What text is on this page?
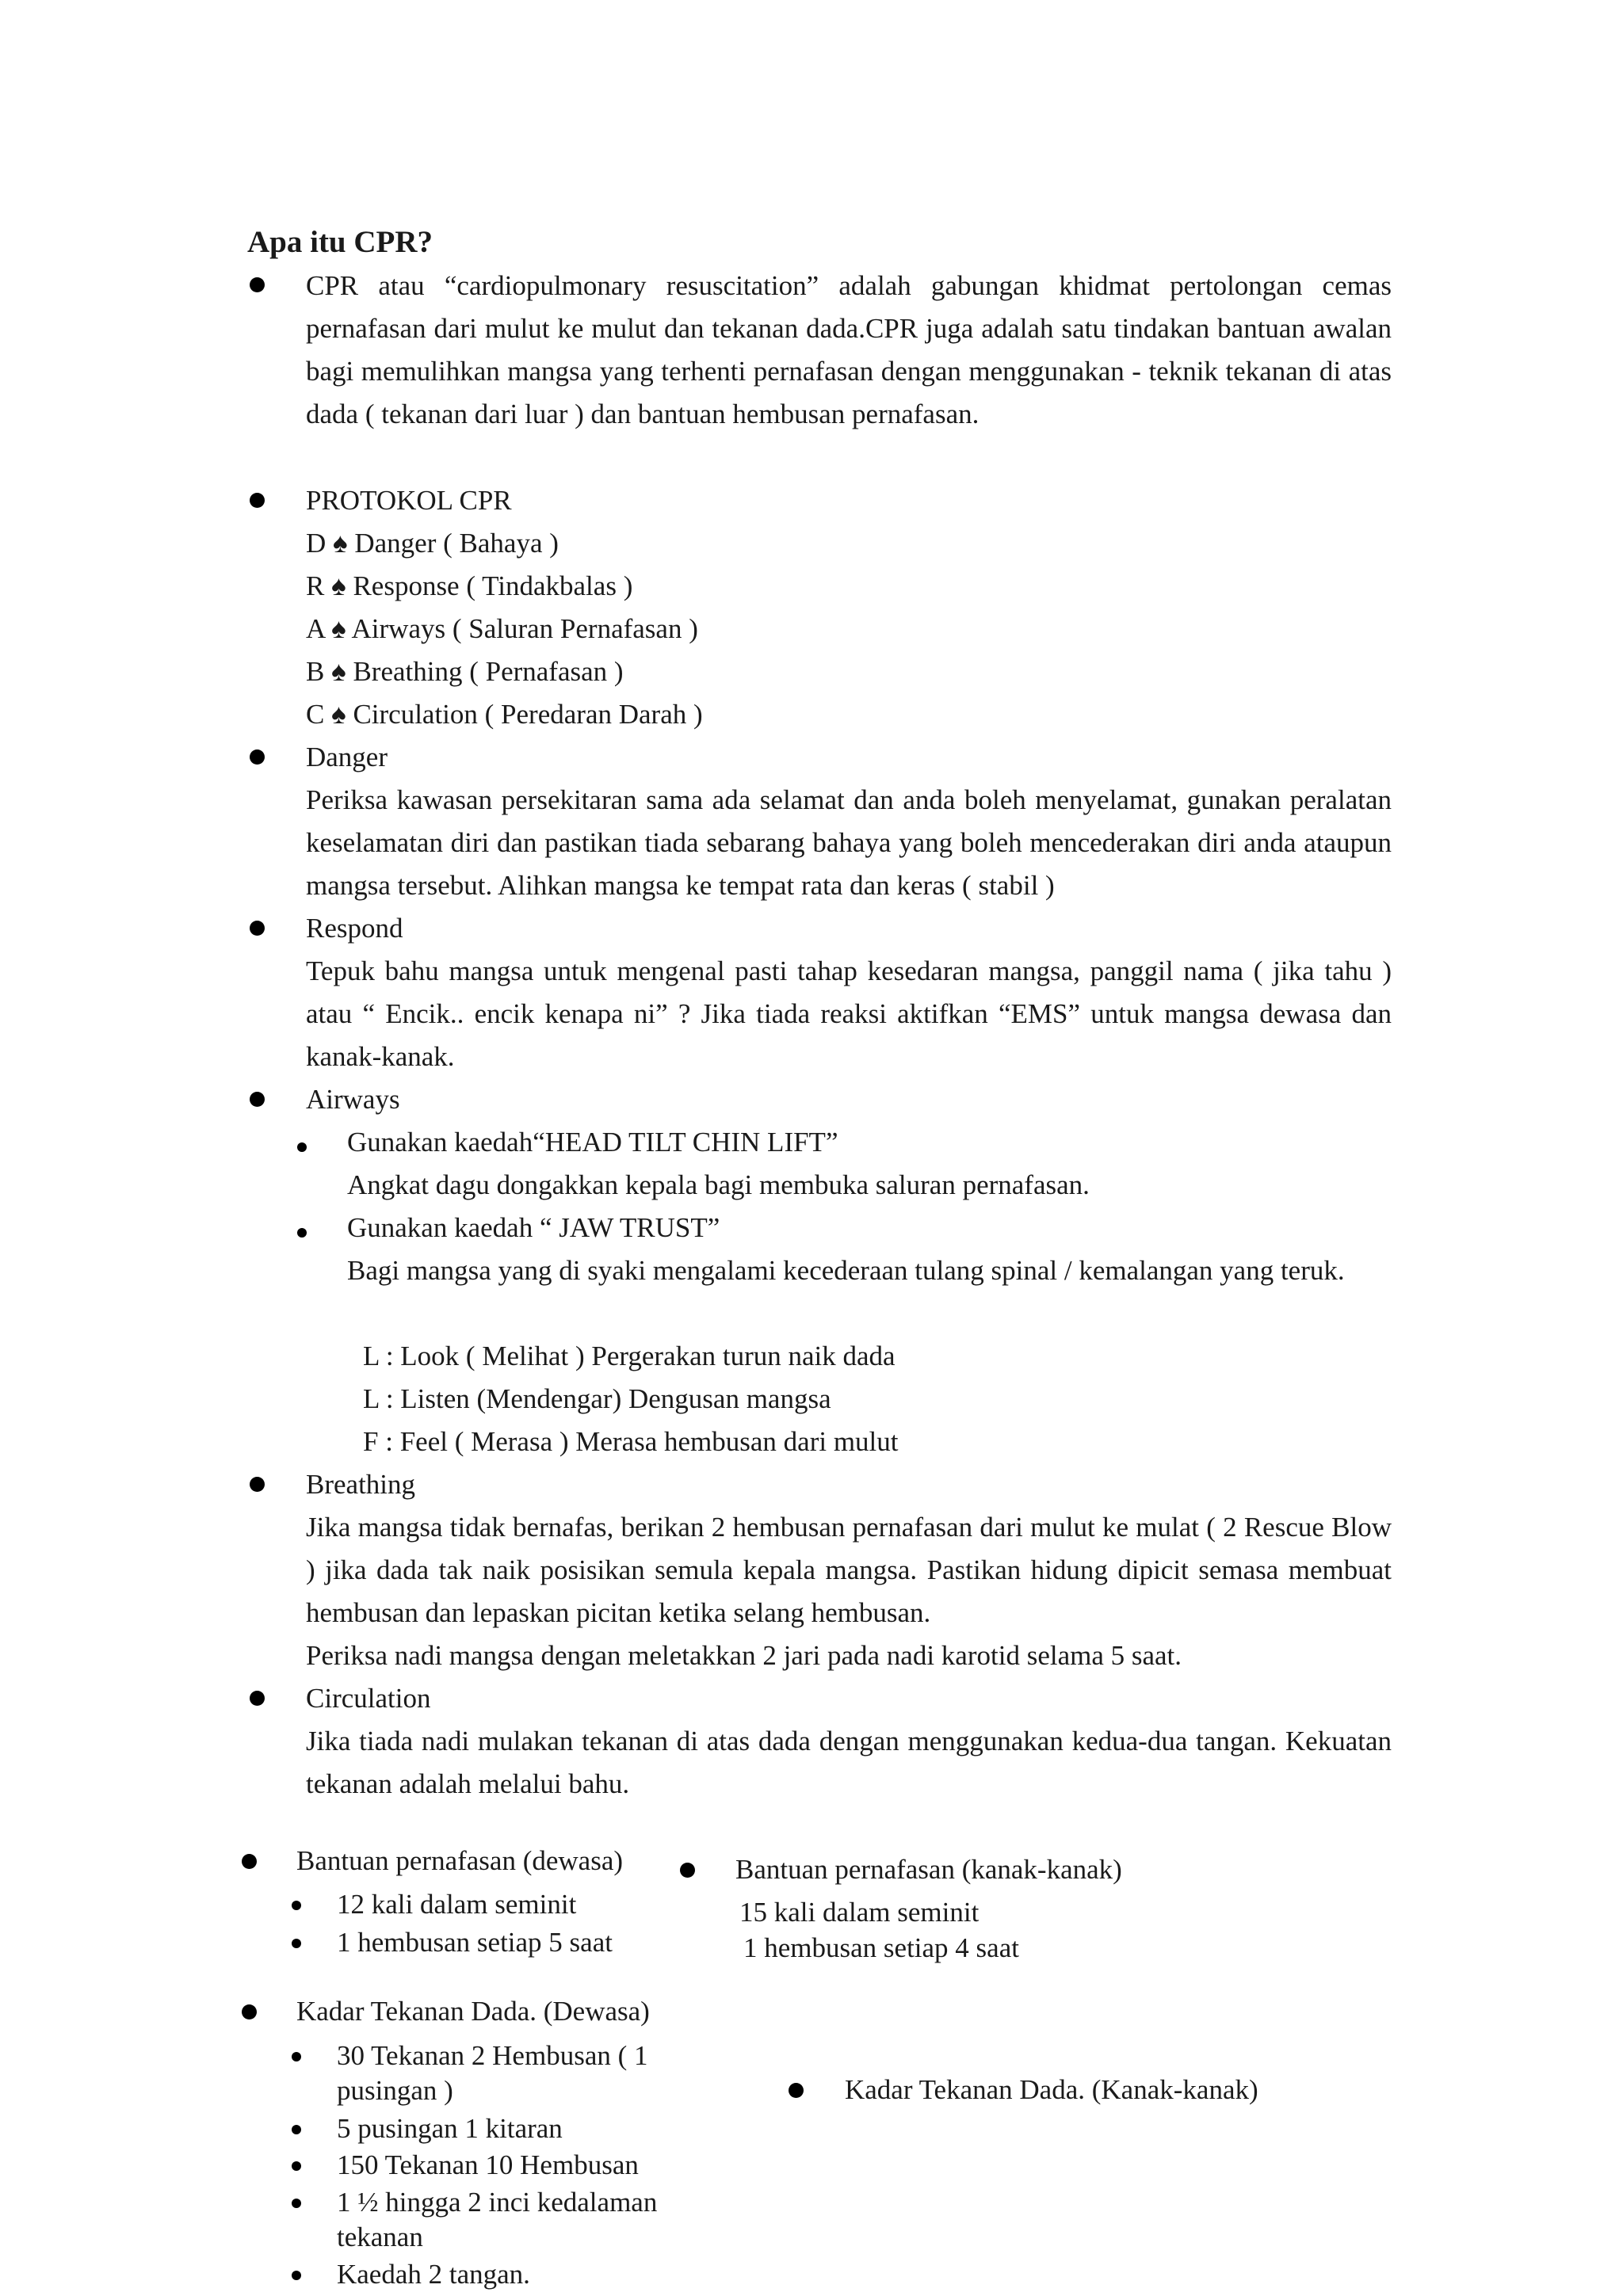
Apa itu CPR?
CPR atau “cardiopulmonary resuscitation” adalah gabungan khidmat pertolongan cemas pernafasan dari mulut ke mulut dan tekanan dada.CPR juga adalah satu tindakan bantuan awalan bagi memulihkan mangsa yang terhenti pernafasan dengan menggunakan - teknik tekanan di atas dada ( tekanan dari luar ) dan bantuan hembusan pernafasan.
PROTOKOL CPR
D ♠ Danger ( Bahaya )
R ♠ Response ( Tindakbalas )
A ♠ Airways ( Saluran Pernafasan )
B ♠ Breathing ( Pernafasan )
C ♠ Circulation ( Peredaran Darah )
Danger
Periksa kawasan persekitaran sama ada selamat dan anda boleh menyelamat, gunakan peralatan keselamatan diri dan pastikan tiada sebarang bahaya yang boleh mencederakan diri anda ataupun mangsa tersebut. Alihkan mangsa ke tempat rata dan keras ( stabil )
Respond
Tepuk bahu mangsa untuk mengenal pasti tahap kesedaran mangsa, panggil nama ( jika tahu ) atau “ Encik.. encik kenapa ni” ? Jika tiada reaksi aktifkan “EMS” untuk mangsa dewasa dan kanak-kanak.
Airways
Gunakan kaedah“HEAD TILT CHIN LIFT”
Angkat dagu dongakkan kepala bagi membuka saluran pernafasan.
Gunakan kaedah “ JAW TRUST”
Bagi mangsa yang di syaki mengalami kecederaan tulang spinal / kemalangan yang teruk.
L : Look ( Melihat ) Pergerakan turun naik dada
L : Listen (Mendengar) Dengusan mangsa
F : Feel ( Merasa ) Merasa hembusan dari mulut
Breathing
Jika mangsa tidak bernafas, berikan 2 hembusan pernafasan dari mulut ke mulat ( 2 Rescue Blow ) jika dada tak naik posisikan semula kepala mangsa. Pastikan hidung dipicit semasa membuat hembusan dan lepaskan picitan ketika selang hembusan.
Periksa nadi mangsa dengan meletakkan 2 jari pada nadi karotid selama 5 saat.
Circulation
Jika tiada nadi mulakan tekanan di atas dada dengan menggunakan kedua-dua tangan. Kekuatan tekanan adalah melalui bahu.
Bantuan pernafasan (dewasa)
12 kali dalam seminit
1 hembusan setiap 5 saat
Bantuan pernafasan (kanak-kanak)
15 kali dalam seminit
1 hembusan setiap 4 saat
Kadar Tekanan Dada. (Dewasa)
30 Tekanan 2 Hembusan ( 1
pusingan )
5 pusingan 1 kitaran
150 Tekanan 10 Hembusan
1 ½ hingga 2 inci kedalaman
tekanan
Kaedah 2 tangan.
Kadar Tekanan Dada. (Kanak-kanak)
